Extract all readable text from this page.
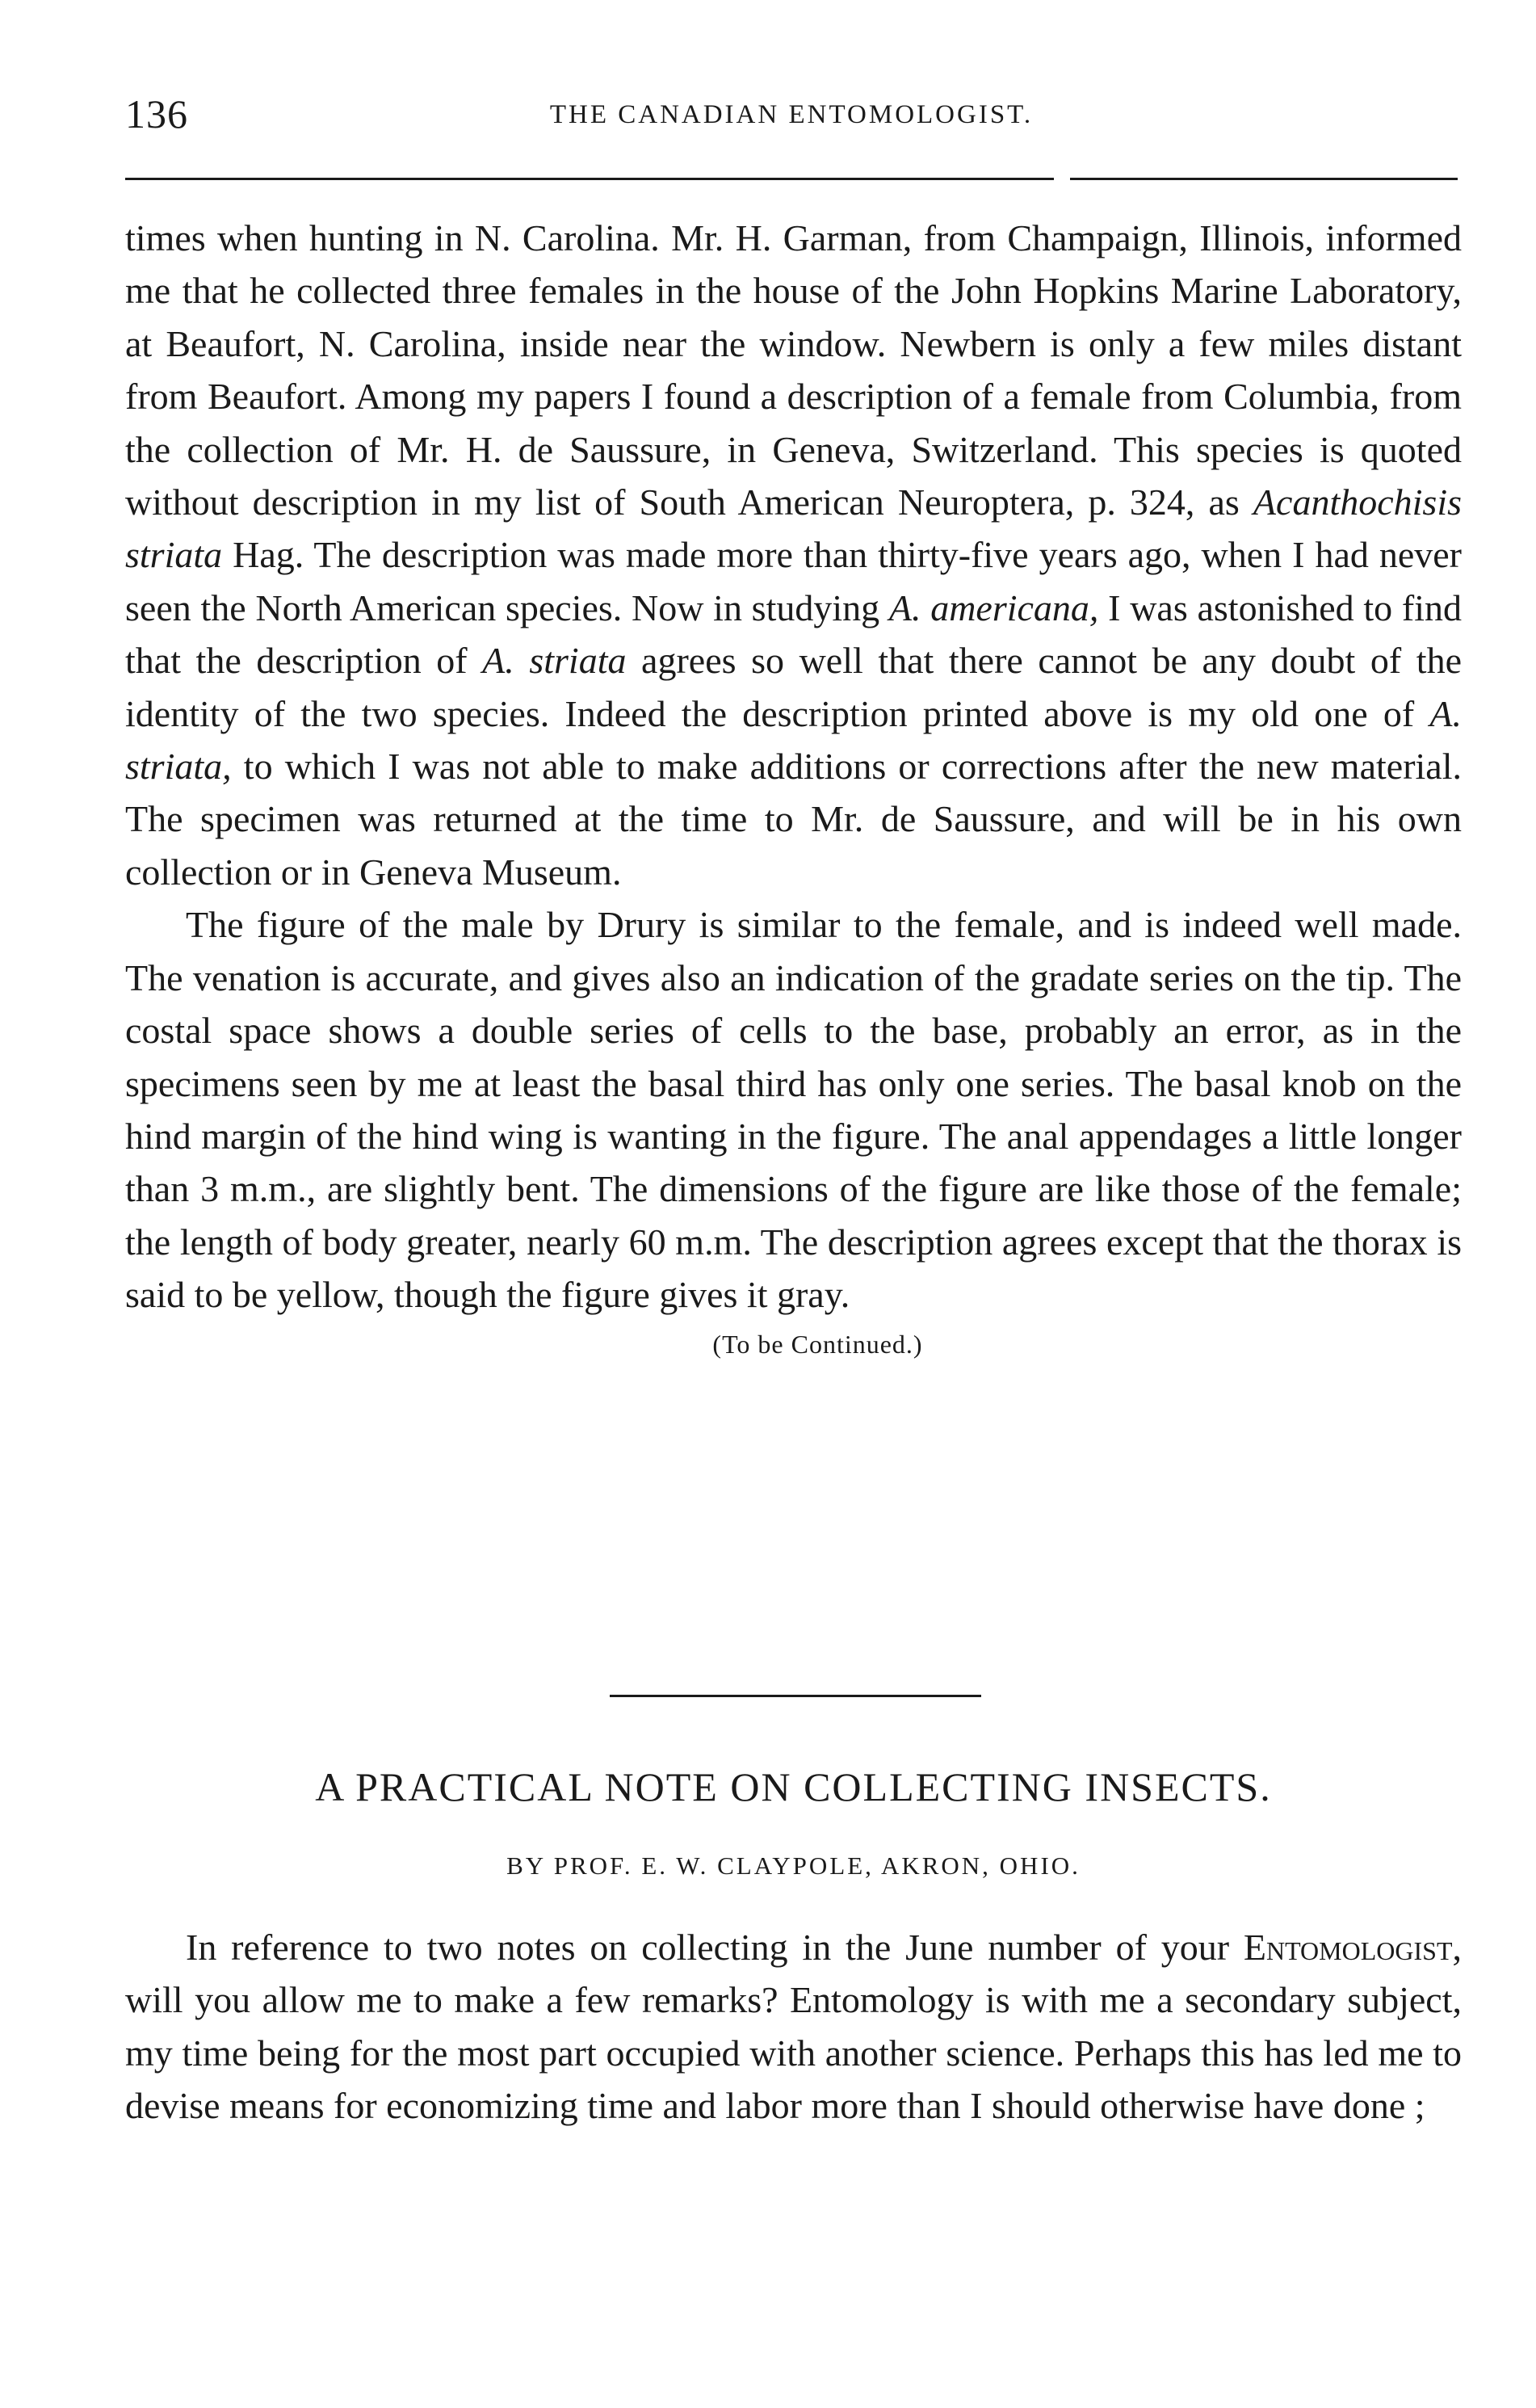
136	THE CANADIAN ENTOMOLOGIST.

times when hunting in N. Carolina. Mr. H. Garman, from Champaign, Illinois, informed me that he collected three females in the house of the John Hopkins Marine Laboratory, at Beaufort, N. Carolina, inside near the window. Newbern is only a few miles distant from Beaufort. Among my papers I found a description of a female from Columbia, from the collection of Mr. H. de Saussure, in Geneva, Switzerland. This species is quoted without description in my list of South American Neuroptera, p. 324, as Acanthochisis striata Hag. The description was made more than thirty-five years ago, when I had never seen the North American species. Now in studying A. americana, I was astonished to find that the description of A. striata agrees so well that there cannot be any doubt of the identity of the two species. Indeed the description printed above is my old one of A. striata, to which I was not able to make additions or corrections after the new material. The specimen was returned at the time to Mr. de Saussure, and will be in his own collection or in Geneva Museum.

The figure of the male by Drury is similar to the female, and is indeed well made. The venation is accurate, and gives also an indication of the gradate series on the tip. The costal space shows a double series of cells to the base, probably an error, as in the specimens seen by me at least the basal third has only one series. The basal knob on the hind margin of the hind wing is wanting in the figure. The anal appendages a little longer than 3 m.m., are slightly bent. The dimensions of the figure are like those of the female; the length of body greater, nearly 60 m.m. The description agrees except that the thorax is said to be yellow, though the figure gives it gray.

(To be Continued.)
A PRACTICAL NOTE ON COLLECTING INSECTS.
BY PROF. E. W. CLAYPOLE, AKRON, OHIO.

In reference to two notes on collecting in the June number of your Entomologist, will you allow me to make a few remarks? Entomology is with me a secondary subject, my time being for the most part occupied with another science. Perhaps this has led me to devise means for economizing time and labor more than I should otherwise have done ;
